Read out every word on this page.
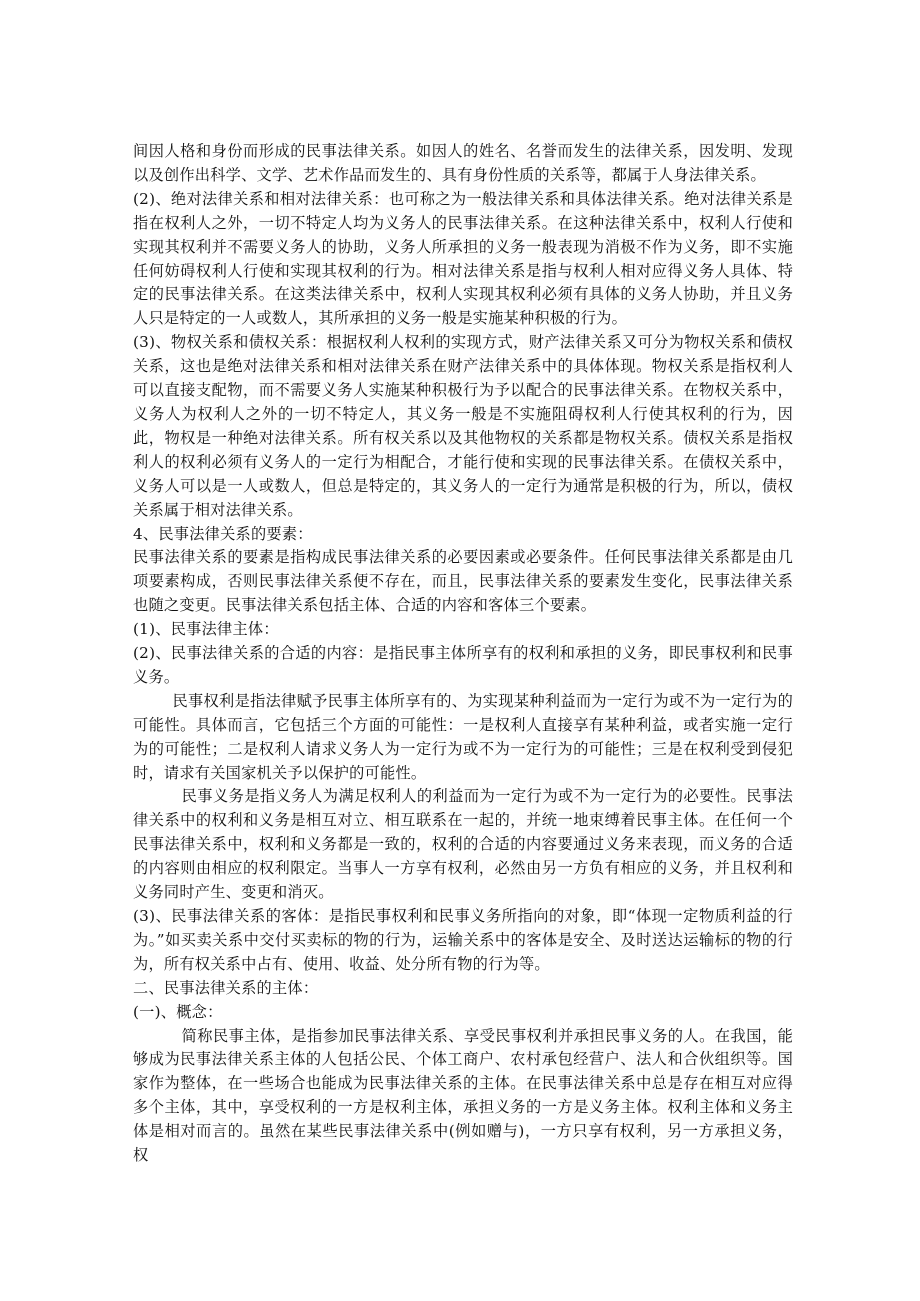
间因人格和身份而形成的民事法律关系。如因人的姓名、名誉而发生的法律关系，因发明、发现以及创作出科学、文学、艺术作品而发生的、具有身份性质的关系等，都属于人身法律关系。

(2)、绝对法律关系和相对法律关系：也可称之为一般法律关系和具体法律关系。绝对法律关系是指在权利人之外，一切不特定人均为义务人的民事法律关系。在这种法律关系中，权利人行使和实现其权利并不需要义务人的协助，义务人所承担的义务一般表现为消极不作为义务，即不实施任何妨碍权利人行使和实现其权利的行为。相对法律关系是指与权利人相对应得义务人具体、特定的民事法律关系。在这类法律关系中，权利人实现其权利必须有具体的义务人协助，并且义务人只是特定的一人或数人，其所承担的义务一般是实施某种积极的行为。

(3)、物权关系和债权关系：根据权利人权利的实现方式，财产法律关系又可分为物权关系和债权关系，这也是绝对法律关系和相对法律关系在财产法律关系中的具体体现。物权关系是指权利人可以直接支配物，而不需要义务人实施某种积极行为予以配合的民事法律关系。在物权关系中，义务人为权利人之外的一切不特定人，其义务一般是不实施阻碍权利人行使其权利的行为，因此，物权是一种绝对法律关系。所有权关系以及其他物权的关系都是物权关系。债权关系是指权利人的权利必须有义务人的一定行为相配合，才能行使和实现的民事法律关系。在债权关系中，义务人可以是一人或数人，但总是特定的，其义务人的一定行为通常是积极的行为，所以，债权关系属于相对法律关系。

4、民事法律关系的要素：

民事法律关系的要素是指构成民事法律关系的必要因素或必要条件。任何民事法律关系都是由几项要素构成，否则民事法律关系便不存在，而且，民事法律关系的要素发生变化，民事法律关系也随之变更。民事法律关系包括主体、合适的内容和客体三个要素。

(1)、民事法律主体：

(2)、民事法律关系的合适的内容：是指民事主体所享有的权利和承担的义务，即民事权利和民事义务。

民事权利是指法律赋予民事主体所享有的、为实现某种利益而为一定行为或不为一定行为的可能性。具体而言，它包括三个方面的可能性：一是权利人直接享有某种利益，或者实施一定行为的可能性；二是权利人请求义务人为一定行为或不为一定行为的可能性；三是在权利受到侵犯时，请求有关国家机关予以保护的可能性。

民事义务是指义务人为满足权利人的利益而为一定行为或不为一定行为的必要性。民事法律关系中的权利和义务是相互对立、相互联系在一起的，并统一地束缚着民事主体。在任何一个民事法律关系中，权利和义务都是一致的，权利的合适的内容要通过义务来表现，而义务的合适的内容则由相应的权利限定。当事人一方享有权利，必然由另一方负有相应的义务，并且权利和义务同时产生、变更和消灭。

(3)、民事法律关系的客体：是指民事权利和民事义务所指向的对象，即“体现一定物质利益的行为。”如买卖关系中交付买卖标的物的行为，运输关系中的客体是安全、及时送达运输标的物的行为，所有权关系中占有、使用、收益、处分所有物的行为等。

二、民事法律关系的主体：

(一)、概念：

简称民事主体，是指参加民事法律关系、享受民事权利并承担民事义务的人。在我国，能够成为民事法律关系主体的人包括公民、个体工商户、农村承包经营户、法人和合伙组织等。国家作为整体，在一些场合也能成为民事法律关系的主体。在民事法律关系中总是存在相互对应得多个主体，其中，享受权利的一方是权利主体，承担义务的一方是义务主体。权利主体和义务主体是相对而言的。虽然在某些民事法律关系中(例如赠与)，一方只享有权利，另一方承担义务，权
